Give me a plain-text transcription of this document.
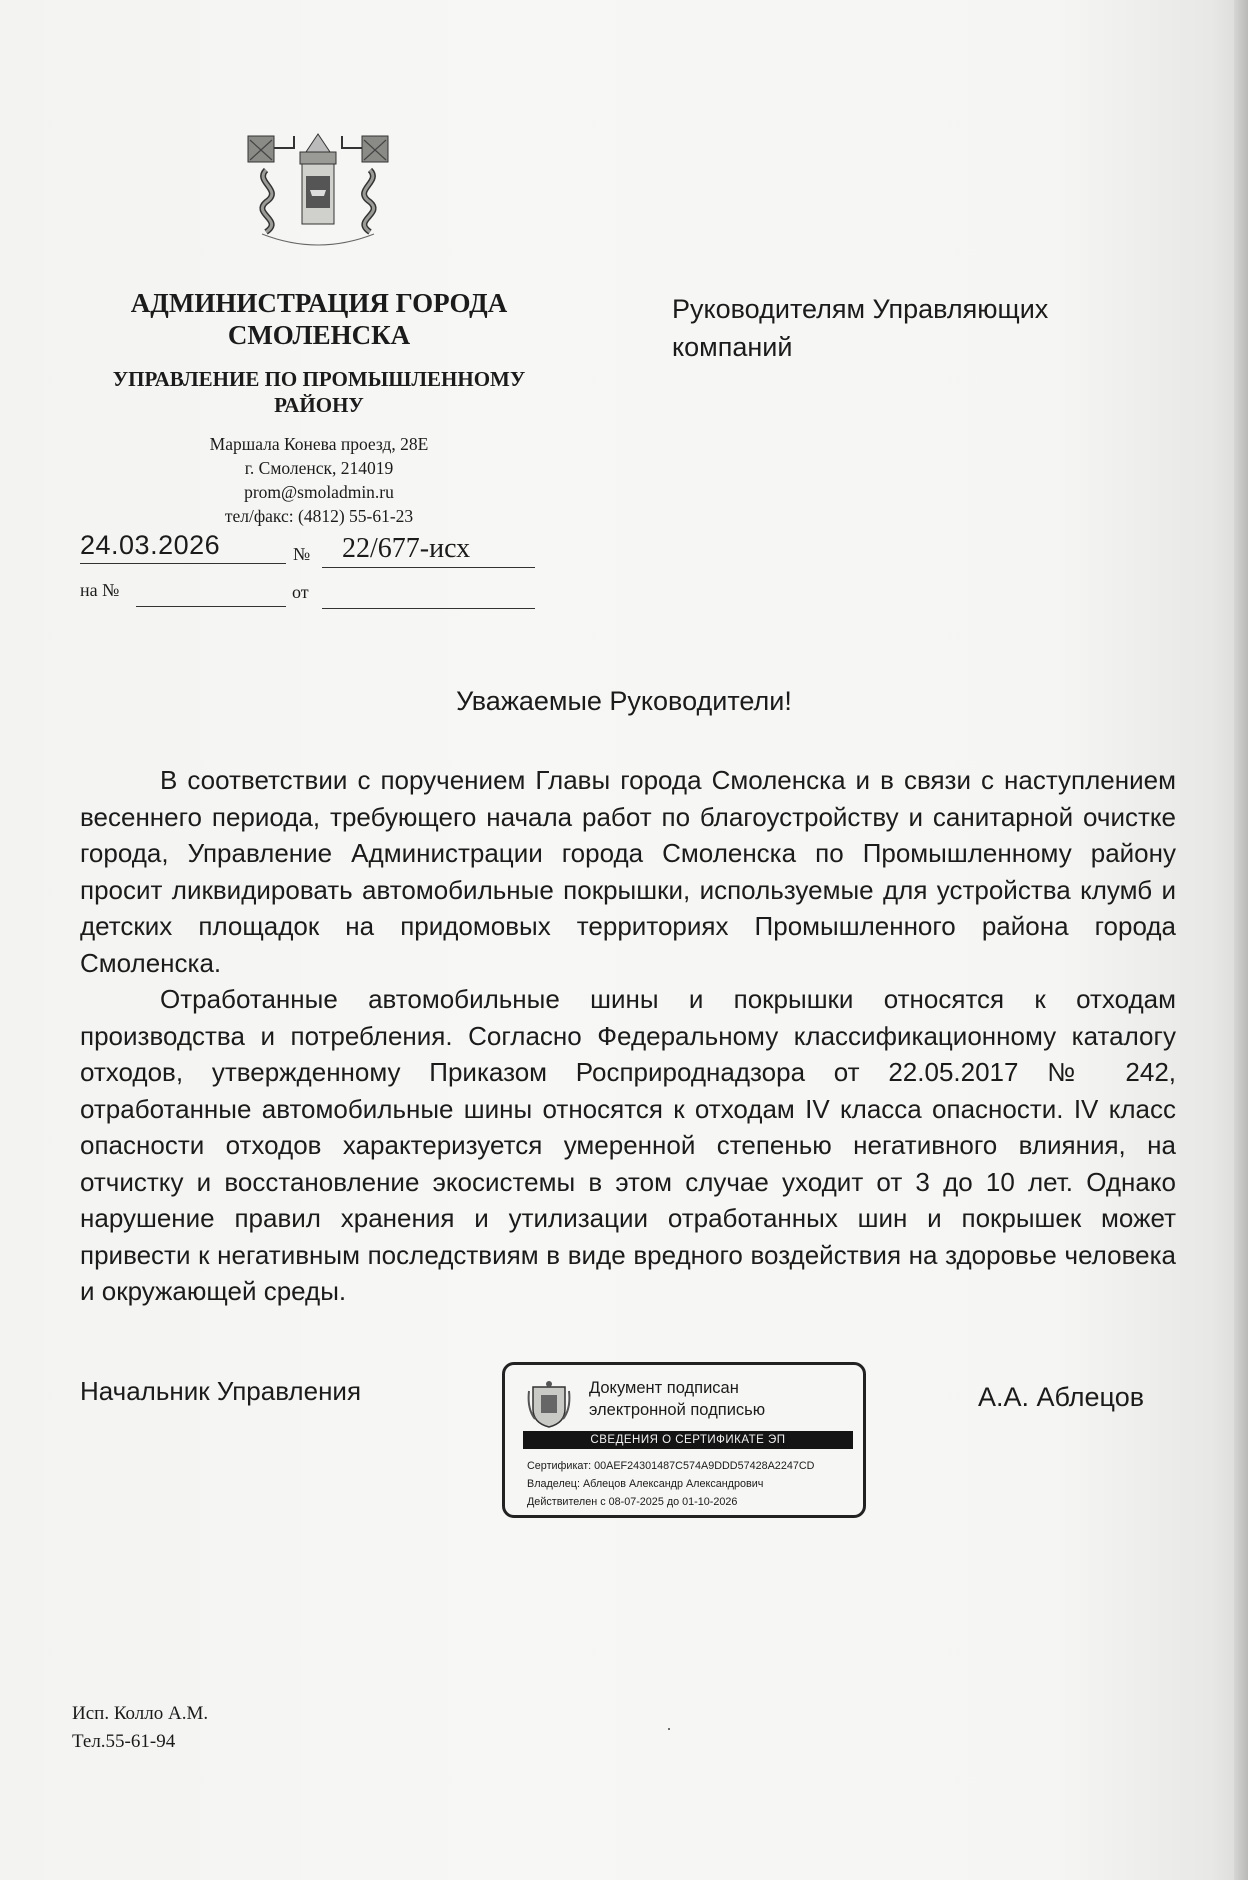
АДМИНИСТРАЦИЯ ГОРОДА СМОЛЕНСКА
УПРАВЛЕНИЕ ПО ПРОМЫШЛЕННОМУ РАЙОНУ
Маршала Конева проезд, 28Е
г. Смоленск, 214019
prom@smoladmin.ru
тел/факс: (4812) 55-61-23
24.03.2026	№	22/677-исх
на №	от
Руководителям Управляющих компаний
Уважаемые Руководители!

В соответствии с поручением Главы города Смоленска и в связи с наступлением весеннего периода, требующего начала работ по благоустройству и санитарной очистке города, Управление Администрации города Смоленска по Промышленному району просит ликвидировать автомобильные покрышки, используемые для устройства клумб и детских площадок на придомовых территориях Промышленного района города Смоленска.

Отработанные автомобильные шины и покрышки относятся к отходам производства и потребления. Согласно Федеральному классификационному каталогу отходов, утвержденному Приказом Росприроднадзора от 22.05.2017 № 242, отработанные автомобильные шины относятся к отходам IV класса опасности. IV класс опасности отходов характеризуется умеренной степенью негативного влияния, на отчистку и восстановление экосистемы в этом случае уходит от 3 до 10 лет. Однако нарушение правил хранения и утилизации отработанных шин и покрышек может привести к негативным последствиям в виде вредного воздействия на здоровье человека и окружающей среды.

Начальник Управления	Документ подписан
электронной подписью
СВЕДЕНИЯ О СЕРТИФИКАТЕ ЭП
Сертификат: 00AEF24301487C574A9DDD57428A2247CD
Владелец: Аблецов Александр Александрович
Действителен с 08-07-2025 до 01-10-2026
А.А. Аблецов
Исп. Колло А.М.
Тел.55-61-94
